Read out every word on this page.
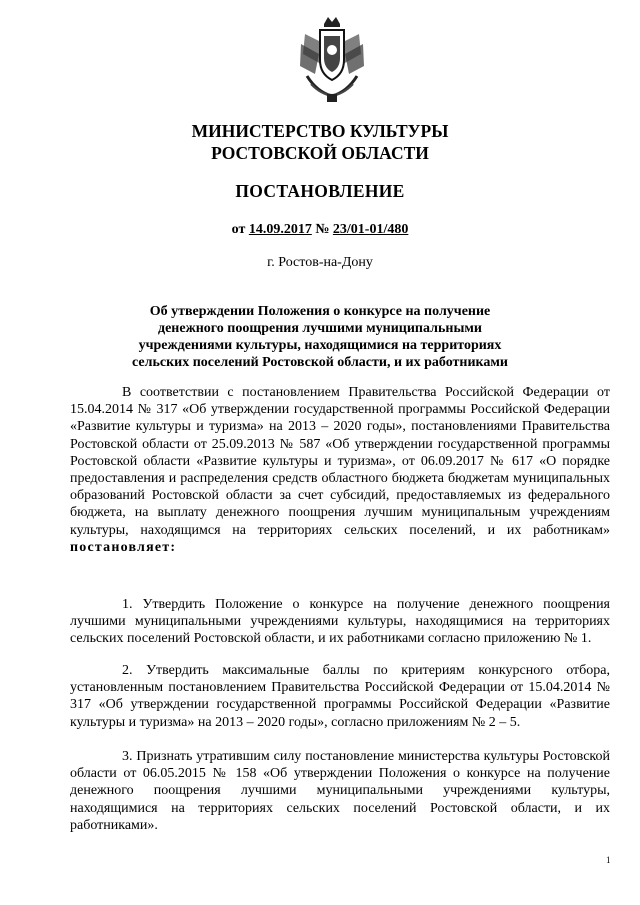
МИНИСТЕРСТВО КУЛЬТУРЫ
РОСТОВСКОЙ ОБЛАСТИ
ПОСТАНОВЛЕНИЕ
от 14.09.2017 № 23/01-01/480
г. Ростов-на-Дону
Об утверждении Положения о конкурсе на получение
денежного поощрения лучшими муниципальными
учреждениями культуры, находящимися на территориях
сельских поселений Ростовской области, и их работниками

В соответствии с постановлением Правительства Российской Федерации от 15.04.2014 № 317 «Об утверждении государственной программы Российской Федерации «Развитие культуры и туризма» на 2013 – 2020 годы», постановлениями Правительства Ростовской области от 25.09.2013 № 587 «Об утверждении государственной программы Ростовской области «Развитие культуры и туризма», от 06.09.2017 № 617 «О порядке предоставления и распределения средств областного бюджета бюджетам муниципальных образований Ростовской области за счет субсидий, предоставляемых из федерального бюджета, на выплату денежного поощрения лучшим муниципальным учреждениям культуры, находящимся на территориях сельских поселений, и их работникам» постановляет:

1. Утвердить Положение о конкурсе на получение денежного поощрения лучшими муниципальными учреждениями культуры, находящимися на территориях сельских поселений Ростовской области, и их работниками согласно приложению № 1.

2. Утвердить максимальные баллы по критериям конкурсного отбора, установленным постановлением Правительства Российской Федерации от 15.04.2014 № 317 «Об утверждении государственной программы Российской Федерации «Развитие культуры и туризма» на 2013 – 2020 годы», согласно приложениям № 2 – 5.

3. Признать утратившим силу постановление министерства культуры Ростовской области от 06.05.2015 № 158 «Об утверждении Положения о конкурсе на получение денежного поощрения лучшими муниципальными учреждениями культуры, находящимися на территориях сельских поселений Ростовской области, и их работниками».

1
